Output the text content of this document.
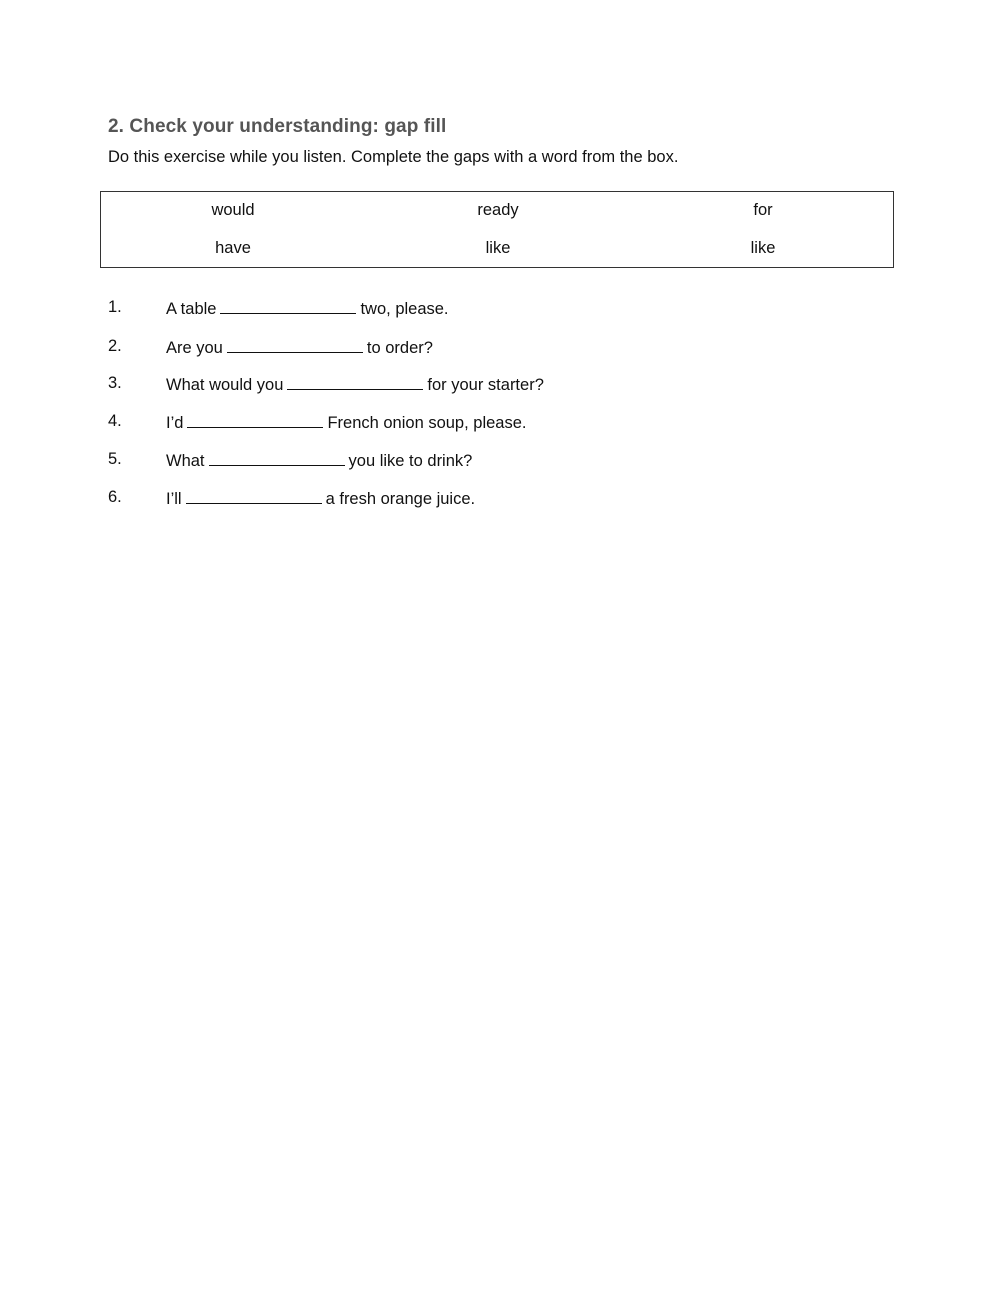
2. Check your understanding: gap fill
Do this exercise while you listen. Complete the gaps with a word from the box.
would	ready	for
have	like	like
1.	A table	two, please.
2.	Are you	to order?
3.	What would you	for your starter?
4.	I’d	French onion soup, please.
5.	What	you like to drink?
6.	I’ll	a fresh orange juice.
